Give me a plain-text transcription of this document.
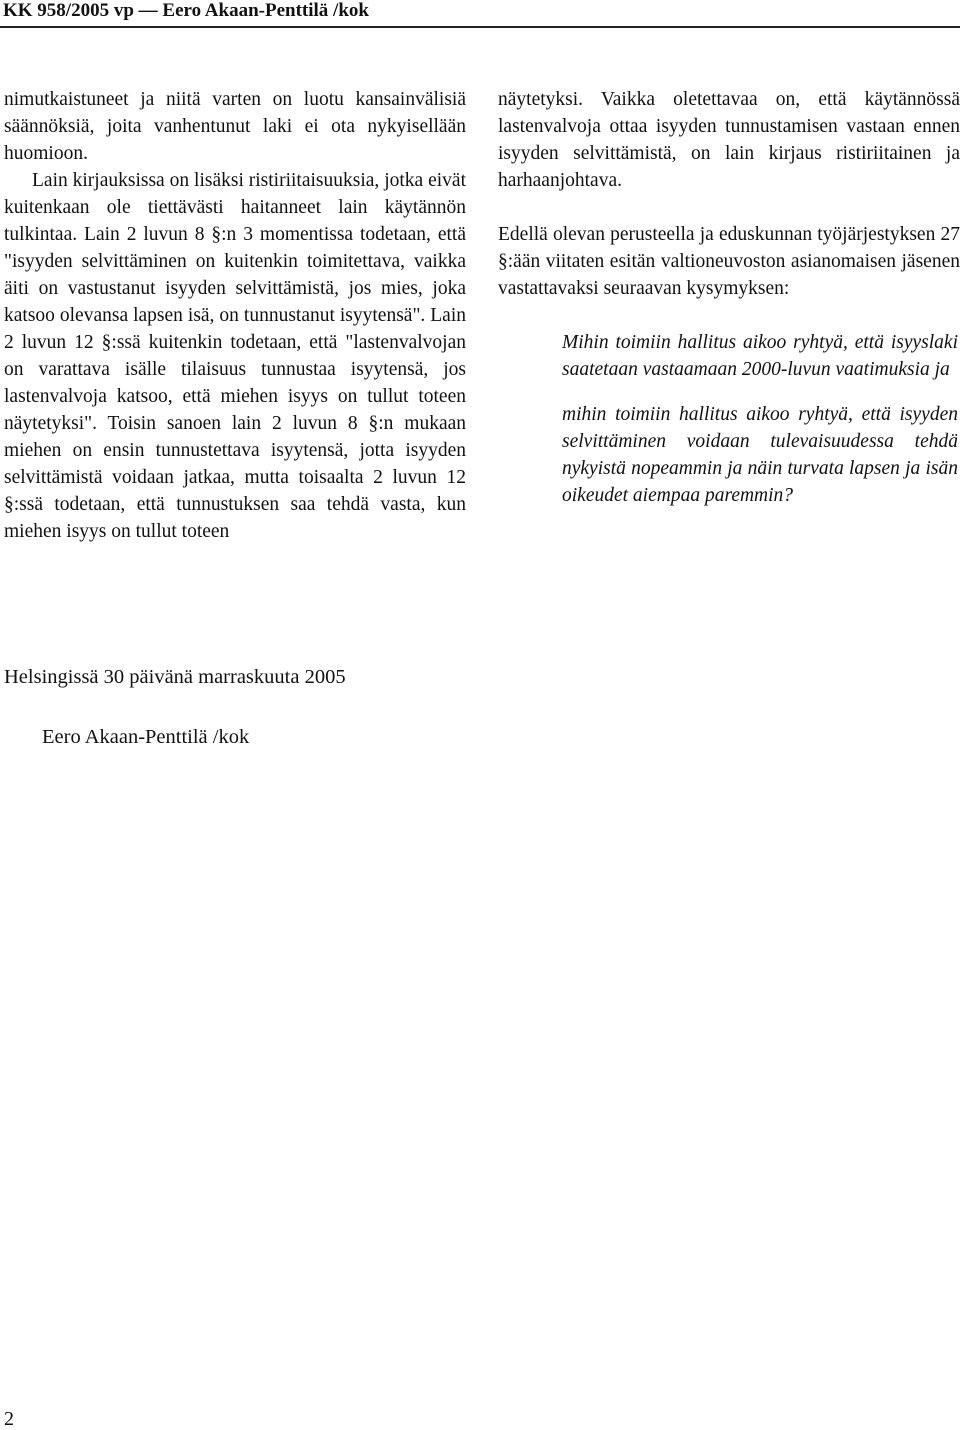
KK 958/2005 vp — Eero Akaan-Penttilä /kok

nimutkaistuneet ja niitä varten on luotu kansainvälisiä säännöksiä, joita vanhentunut laki ei ota nykyisellään huomioon.

Lain kirjauksissa on lisäksi ristiriitaisuuksia, jotka eivät kuitenkaan ole tiettävästi haitanneet lain käytännön tulkintaa. Lain 2 luvun 8 §:n 3 momentissa todetaan, että "isyyden selvittäminen on kuitenkin toimitettava, vaikka äiti on vastustanut isyyden selvittämistä, jos mies, joka katsoo olevansa lapsen isä, on tunnustanut isyytensä". Lain 2 luvun 12 §:ssä kuitenkin todetaan, että "lastenvalvojan on varattava isälle tilaisuus tunnustaa isyytensä, jos lastenvalvoja katsoo, että miehen isyys on tullut toteen näytetyksi". Toisin sanoen lain 2 luvun 8 §:n mukaan miehen on ensin tunnustettava isyytensä, jotta isyyden selvittämistä voidaan jatkaa, mutta toisaalta 2 luvun 12 §:ssä todetaan, että tunnustuksen saa tehdä vasta, kun miehen isyys on tullut toteen

näytetyksi. Vaikka oletettavaa on, että käytännössä lastenvalvoja ottaa isyyden tunnustamisen vastaan ennen isyyden selvittämistä, on lain kirjaus ristiriitainen ja harhaanjohtava.

Edellä olevan perusteella ja eduskunnan työjärjestyksen 27 §:ään viitaten esitän valtioneuvoston asianomaisen jäsenen vastattavaksi seuraavan kysymyksen:

Mihin toimiin hallitus aikoo ryhtyä, että isyyslaki saatetaan vastaamaan 2000-luvun vaatimuksia ja

mihin toimiin hallitus aikoo ryhtyä, että isyyden selvittäminen voidaan tulevaisuudessa tehdä nykyistä nopeammin ja näin turvata lapsen ja isän oikeudet aiempaa paremmin?

Helsingissä 30 päivänä marraskuuta 2005
Eero Akaan-Penttilä /kok
2
